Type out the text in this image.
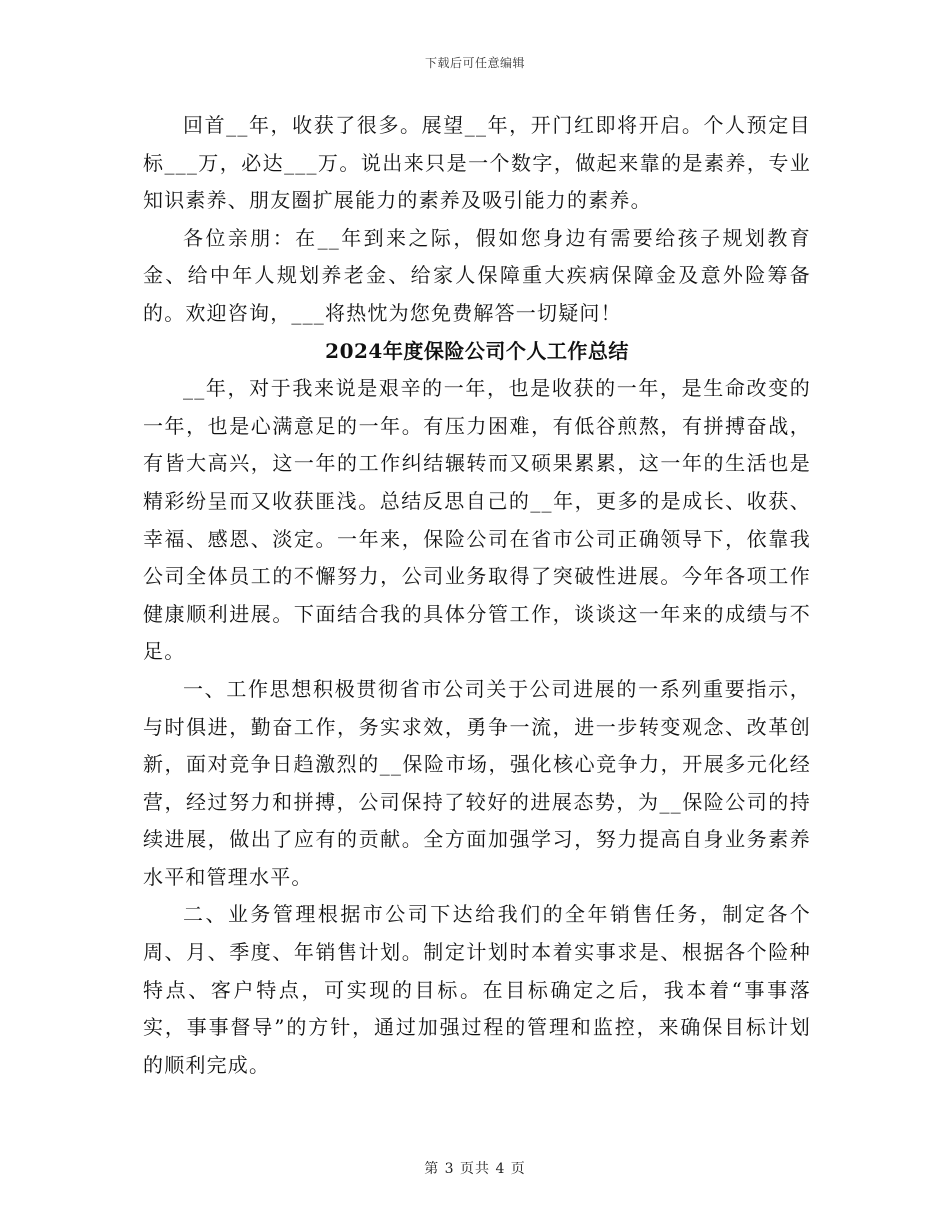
下载后可任意编辑

回首__年，收获了很多。展望__年，开门红即将开启。个人预定目标___万，必达___万。说出来只是一个数字，做起来靠的是素养，专业知识素养、朋友圈扩展能力的素养及吸引能力的素养。

各位亲朋：在__年到来之际，假如您身边有需要给孩子规划教育金、给中年人规划养老金、给家人保障重大疾病保障金及意外险筹备的。欢迎咨询，___将热忱为您免费解答一切疑问！

2024年度保险公司个人工作总结

__年，对于我来说是艰辛的一年，也是收获的一年，是生命改变的一年，也是心满意足的一年。有压力困难，有低谷煎熬，有拼搏奋战，有皆大高兴，这一年的工作纠结辗转而又硕果累累，这一年的生活也是精彩纷呈而又收获匪浅。总结反思自己的__年，更多的是成长、收获、幸福、感恩、淡定。一年来，保险公司在省市公司正确领导下，依靠我公司全体员工的不懈努力，公司业务取得了突破性进展。今年各项工作健康顺利进展。下面结合我的具体分管工作，谈谈这一年来的成绩与不足。

一、工作思想积极贯彻省市公司关于公司进展的一系列重要指示，与时俱进，勤奋工作，务实求效，勇争一流，进一步转变观念、改革创新，面对竞争日趋激烈的__保险市场，强化核心竞争力，开展多元化经营，经过努力和拼搏，公司保持了较好的进展态势，为__保险公司的持续进展，做出了应有的贡献。全方面加强学习，努力提高自身业务素养水平和管理水平。

二、业务管理根据市公司下达给我们的全年销售任务，制定各个周、月、季度、年销售计划。制定计划时本着实事求是、根据各个险种特点、客户特点，可实现的目标。在目标确定之后，我本着“事事落实，事事督导”的方针，通过加强过程的管理和监控，来确保目标计划的顺利完成。

第 3 页共 4 页
